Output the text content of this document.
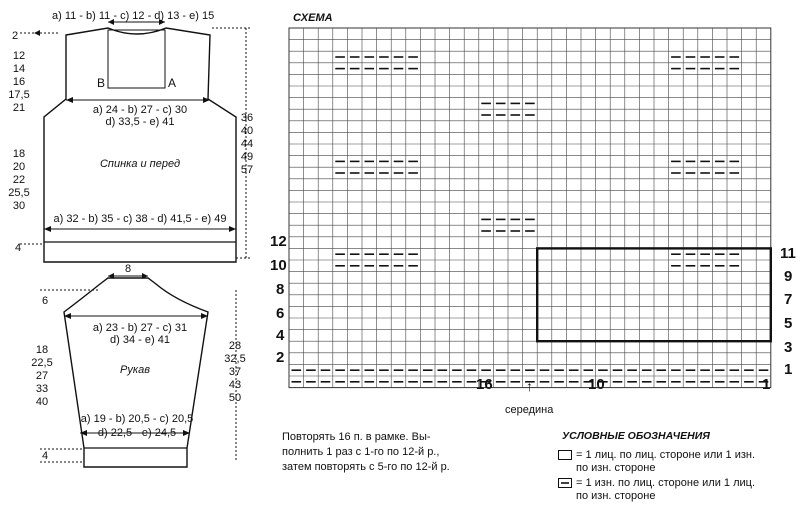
a) 11 - b) 11 - c) 12 - d) 13 - e) 15
2
12
14
16
17,5
21
B	A
a) 24 - b) 27 - c) 30
d) 33,5 - e) 41
18
20
22
25,5
30
36
40
44
49
57
Спинка и перед
a) 32 - b) 35 - c) 38 - d) 41,5 - e) 49
4
8
6
a) 23 - b) 27 - c) 31
d) 34 - e) 41
18
22,5
27
33
40
28
32,5
37
43
50
Рукав
a) 19 - b) 20,5 - c) 20,5
d) 22,5 - e) 24,5
4
СХЕМА
12
10
8
6
4
2
11
9
7
5
3
1
16	10	1
↑
середина
Повторять 16 п. в рамке. Вы-
полнить 1 раз с 1-го по 12-й р.,
затем повторять с 5-го по 12-й р.
УСЛОВНЫЕ ОБОЗНАЧЕНИЯ
= 1 лиц. по лиц. стороне или 1 изн.
по изн. стороне
= 1 изн. по лиц. стороне или 1 лиц.
по изн. стороне
